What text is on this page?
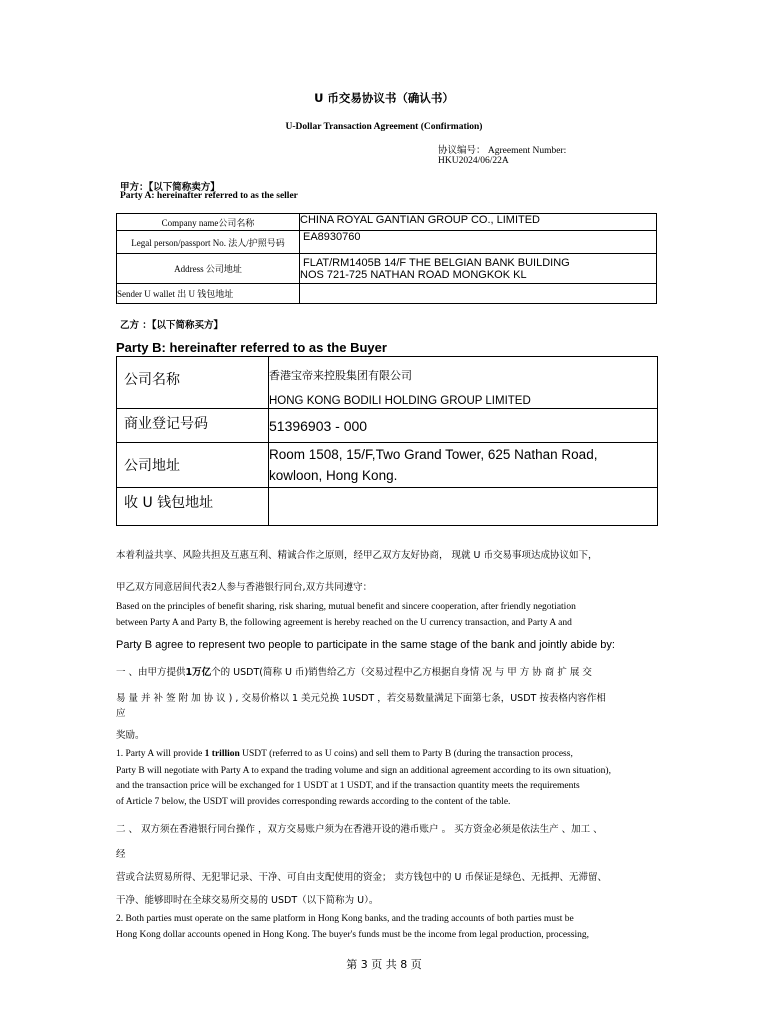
U 币交易协议书（确认书）
U-Dollar Transaction Agreement (Confirmation)
协议编号： Agreement Number:
HKU2024/06/22A
甲方：【以下简称卖方】
Party A: hereinafter referred to as the seller
Company name公司名称	CHINA ROYAL GANTIAN GROUP CO., LIMITED
Legal person/passport No. 法人/护照号码	EA8930760
Address 公司地址	FLAT/RM1405B 14/F THE BELGIAN BANK BUILDING
NOS 721-725 NATHAN ROAD MONGKOK KL

Sender U wallet 出 U 钱包地址	
乙方 ：【以下简称买方】
Party B: hereinafter referred to as the Buyer
公司名称	香港宝帝来控股集团有限公司
HONG KONG BODILI HOLDING GROUP LIMITED

商业登记号码	51396903 - 000
公司地址	Room 1508, 15/F,Two Grand Tower, 625 Nathan Road,
kowloon, Hong Kong.

收 U 钱包地址	
本着利益共享、风险共担及互惠互利、精诚合作之原则，经甲乙双方友好协商， 现就 U 币交易事项达成协议如下，
甲乙双方同意居间代表2人参与香港银行同台,双方共同遵守：
Based on the principles of benefit sharing, risk sharing, mutual benefit and sincere cooperation, after friendly negotiation
between Party A and Party B, the following agreement is hereby reached on the U currency transaction, and Party A and
Party B agree to represent two people to participate in the same stage of the bank and jointly abide by:
一 、由甲方提供1万亿个的 USDT(简称 U 币)销售给乙方（交易过程中乙方根据自身情 况 与 甲 方 协 商 扩 展 交
易 量 并 补 签 附 加 协 议 ) , 交易价格以 1 美元兑换 1USDT ，若交易数量满足下面第七条，USDT 按表格内容作相
应
奖励。
1. Party A will provide 1 trillion USDT (referred to as U coins) and sell them to Party B (during the transaction process,
Party B will negotiate with Party A to expand the trading volume and sign an additional agreement according to its own situation),
and the transaction price will be exchanged for 1 USDT at 1 USDT, and if the transaction quantity meets the requirements
of Article 7 below, the USDT will provides corresponding rewards according to the content of the table.
二 、 双方须在香港银行同台操作 ，双方交易账户须为在香港开设的港币账户 。 买方资金必须是依法生产 、加工 、
经
营或合法贸易所得、无犯罪记录、干净、可自由支配使用的资金； 卖方钱包中的 U 币保证是绿色、无抵押、无滞留、
干净、能够即时在全球交易所交易的 USDT（以下简称为 U）。
2. Both parties must operate on the same platform in Hong Kong banks, and the trading accounts of both parties must be
Hong Kong dollar accounts opened in Hong Kong. The buyer's funds must be the income from legal production, processing,
第 3 页 共 8 页
